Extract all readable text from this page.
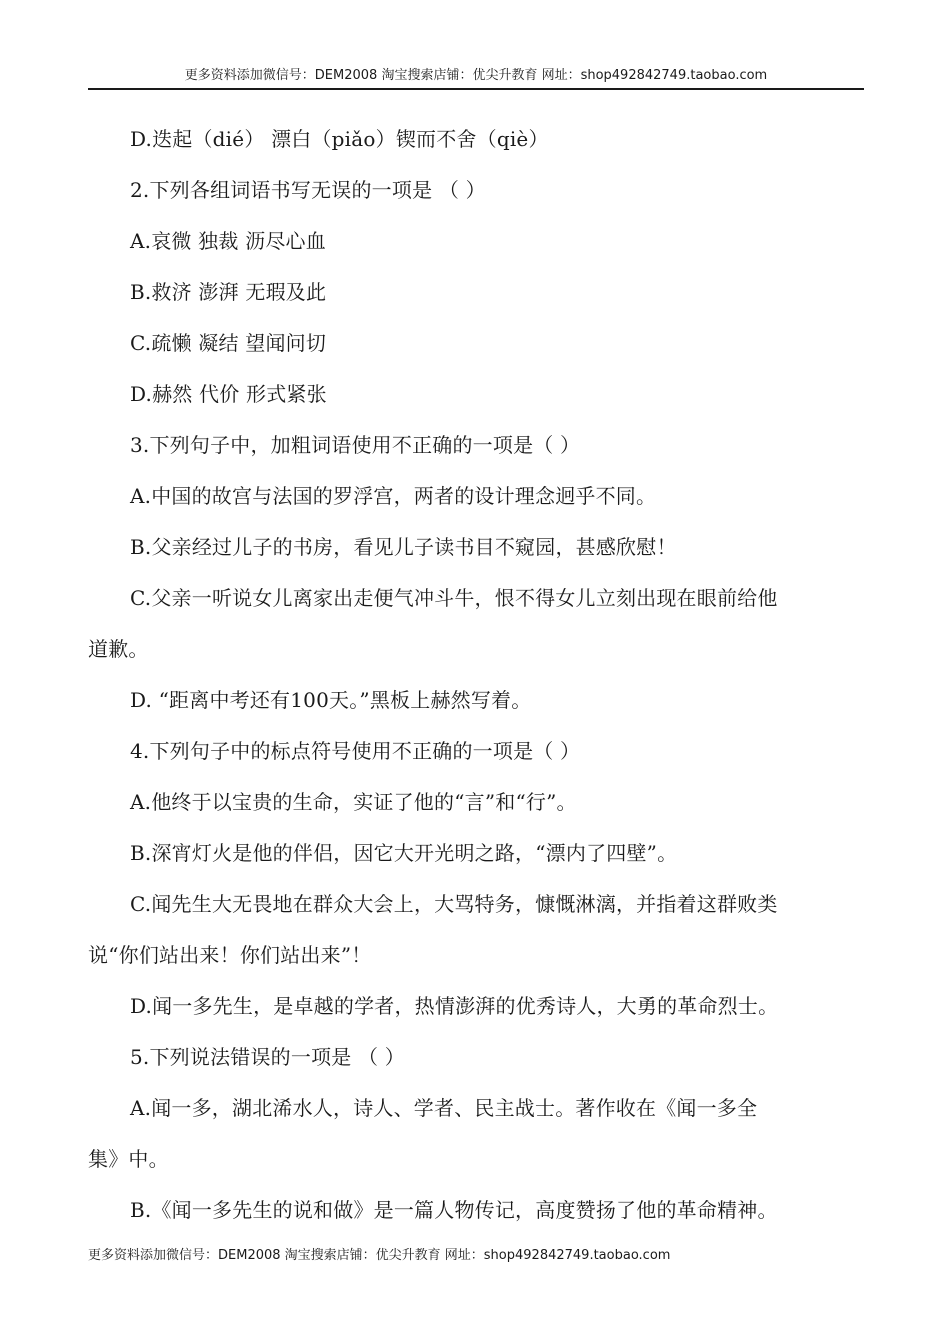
更多资料添加微信号：DEM2008 淘宝搜索店铺：优尖升教育 网址：shop492842749.taobao.com
D.迭起（dié） 漂白（piǎo）锲而不舍（qiè）
2.下列各组词语书写无误的一项是 （ ）
A.哀微 独裁 沥尽心血
B.救济 澎湃 无瑕及此
C.疏懒 凝结 望闻问切
D.赫然 代价 形式紧张
3.下列句子中，加粗词语使用不正确的一项是（ ）
A.中国的故宫与法国的罗浮宫，两者的设计理念迥乎不同。
B.父亲经过儿子的书房，看见儿子读书目不窥园，甚感欣慰！
C.父亲一听说女儿离家出走便气冲斗牛，恨不得女儿立刻出现在眼前给他
道歉。
D. “距离中考还有100天。”黑板上赫然写着。
4.下列句子中的标点符号使用不正确的一项是（ ）
A.他终于以宝贵的生命，实证了他的“言”和“行”。
B.深宵灯火是他的伴侣，因它大开光明之路，“漂内了四壁”。
C.闻先生大无畏地在群众大会上，大骂特务，慷慨淋漓，并指着这群败类
说“你们站出来！你们站出来”！
D.闻一多先生，是卓越的学者，热情澎湃的优秀诗人，大勇的革命烈士。
5.下列说法错误的一项是 （ ）
A.闻一多，湖北浠水人，诗人、学者、民主战士。著作收在《闻一多全
集》中。
B.《闻一多先生的说和做》是一篇人物传记，高度赞扬了他的革命精神。
更多资料添加微信号：DEM2008 淘宝搜索店铺：优尖升教育 网址：shop492842749.taobao.com
